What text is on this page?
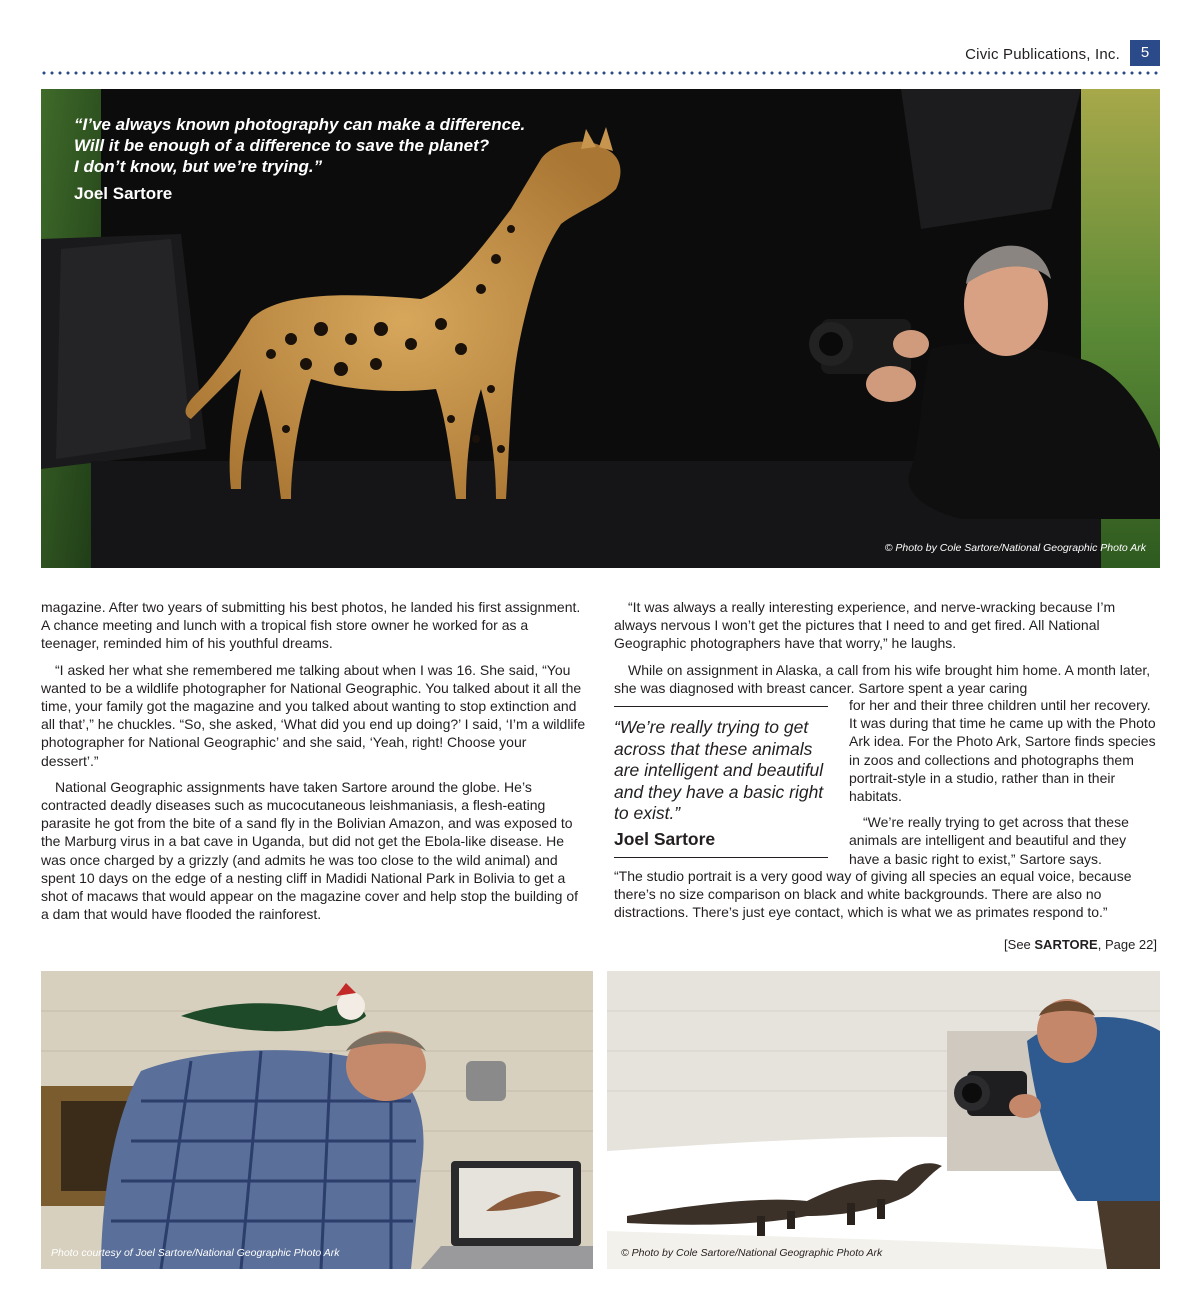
Civic Publications, Inc.	5
“I’ve always known photography can make a difference.
Will it be enough of a difference to save the planet?
I don’t know, but we’re trying.”
Joel Sartore
© Photo by Cole Sartore/National Geographic Photo Ark

magazine. After two years of submitting his best photos, he landed his first assignment. A chance meeting and lunch with a tropical fish store owner he worked for as a teenager, reminded him of his youthful dreams.

“I asked her what she remembered me talking about when I was 16. She said, “You wanted to be a wildlife photographer for National Geographic. You talked about it all the time, your family got the magazine and you talked about wanting to stop extinction and all that’,” he chuckles. “So, she asked, ‘What did you end up doing?’ I said, ‘I’m a wildlife photographer for National Geographic’ and she said, ‘Yeah, right! Choose your dessert’.”

National Geographic assignments have taken Sartore around the globe. He’s contracted deadly diseases such as mucocutaneous leishmaniasis, a flesh-eating parasite he got from the bite of a sand fly in the Bolivian Amazon, and was exposed to the Marburg virus in a bat cave in Uganda, but did not get the Ebola-like disease. He was once charged by a grizzly (and admits he was too close to the wild animal) and spent 10 days on the edge of a nesting cliff in Madidi National Park in Bolivia to get a shot of macaws that would appear on the magazine cover and help stop the building of a dam that would have flooded the rainforest.

“It was always a really interesting experience, and nerve-wracking because I’m always nervous I won’t get the pictures that I need to and get fired. All National Geographic photographers have that worry,” he laughs.

While on assignment in Alaska, a call from his wife brought him home. A month later, she was diagnosed with breast cancer. Sartore spent a year caring

for her and their three children until her recovery. It was during that time he came up with the Photo Ark idea. For the Photo Ark, Sartore finds species in zoos and collections and photographs them portrait-style in a studio, rather than in their habitats.

“We’re really trying to get across that these animals are intelligent and beautiful and they have a basic right to exist,” Sartore says.

“The studio portrait is a very good way of giving all species an equal voice, because there’s no size comparison on black and white backgrounds. There are also no distractions. There’s just eye contact, which is what we as primates respond to.”

“We’re really trying to get across that these animals are intelligent and beautiful and they have a basic right to exist.”
Joel Sartore
[See SARTORE, Page 22]
Photo courtesy of Joel Sartore/National Geographic Photo Ark	© Photo by Cole Sartore/National Geographic Photo Ark
